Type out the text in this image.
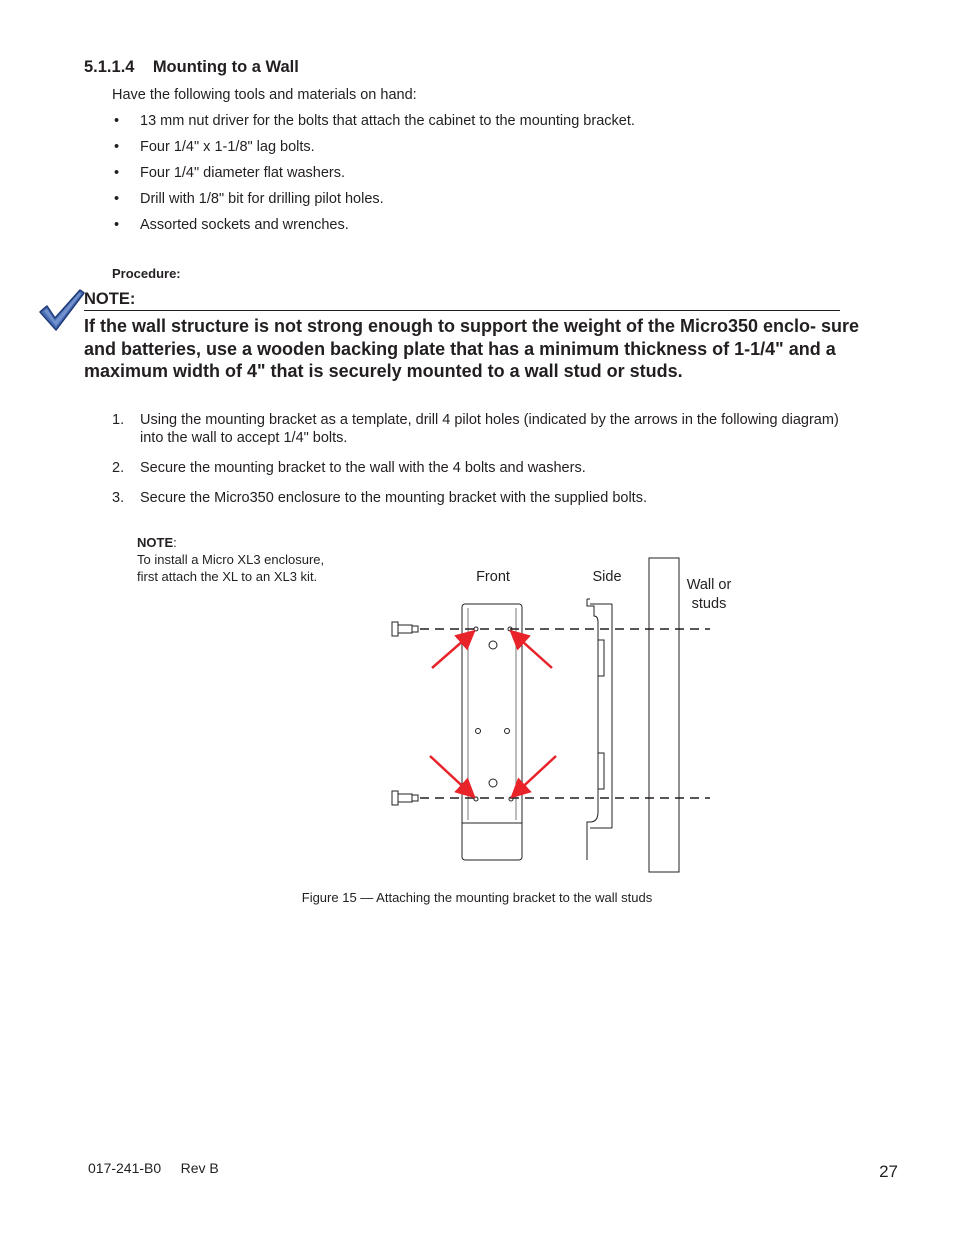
5.1.1.4 Mounting to a Wall
Have the following tools and materials on hand:
• 13 mm nut driver for the bolts that attach the cabinet to the mounting bracket.
• Four 1/4" x 1-1/8" lag bolts.
• Four 1/4" diameter flat washers.
• Drill with 1/8" bit for drilling pilot holes.
• Assorted sockets and wrenches.
Procedure:
NOTE:

If the wall structure is not strong enough to support the weight of the Micro350 enclo- sure and batteries, use a wooden backing plate that has a minimum thickness of 1-1/4" and a maximum width of 4" that is securely mounted to a wall stud or studs.

1. Using the mounting bracket as a template, drill 4 pilot holes (indicated by the arrows in the following diagram) into the wall to accept 1/4" bolts.
2. Secure the mounting bracket to the wall with the 4 bolts and washers.
3. Secure the Micro350 enclosure to the mounting bracket with the supplied bolts.
NOTE:
To install a Micro XL3 enclosure,
first attach the XL to an XL3 kit.	Front	Side	Wall or
studs
Figure 15 — Attaching the mounting bracket to the wall studs
017-241-B0 Rev B	27
